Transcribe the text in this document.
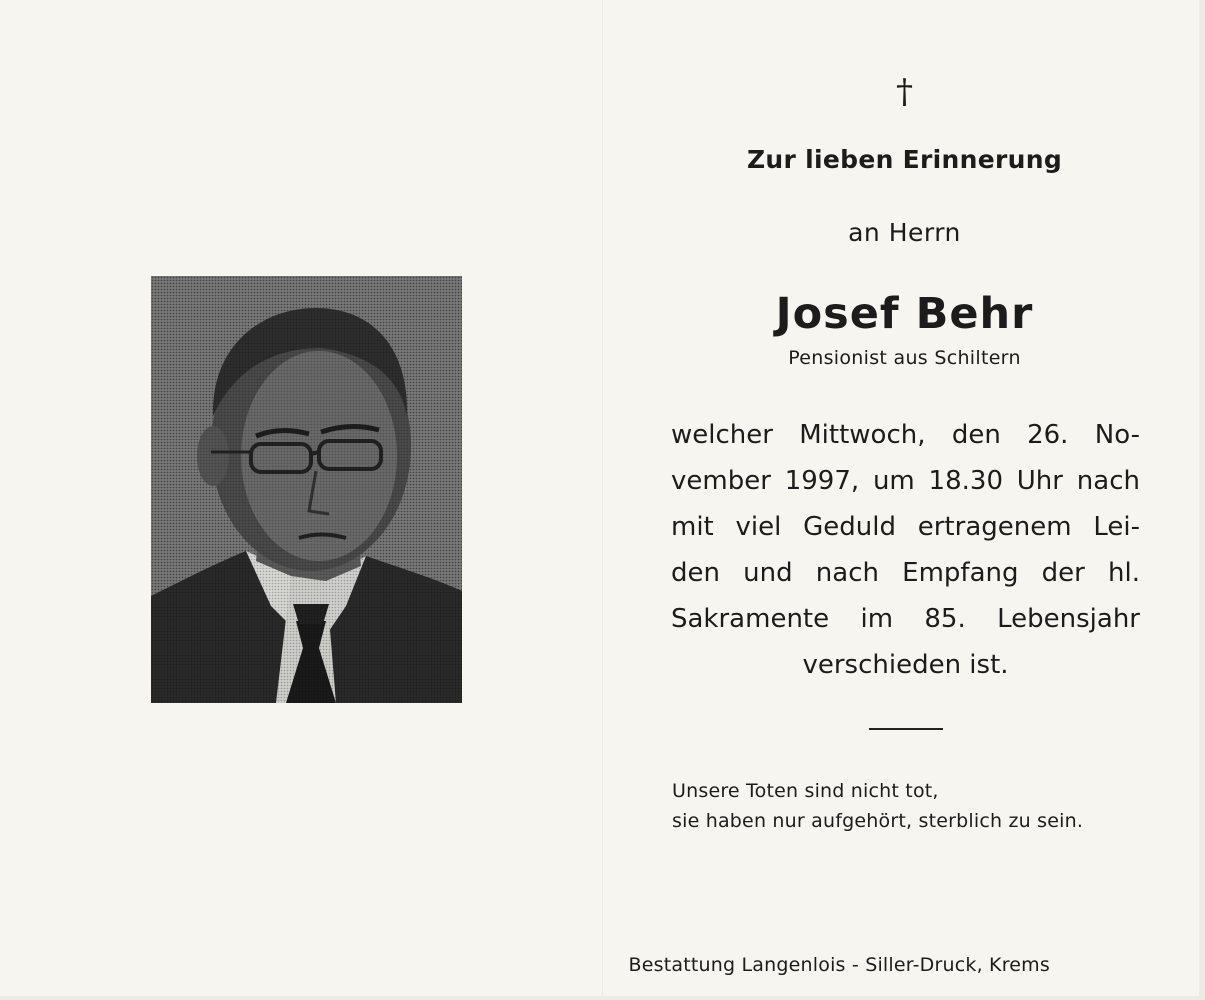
†
Zur lieben Erinnerung
an Herrn
Josef Behr
Pensionist aus Schiltern
welcher Mittwoch, den 26. No-
vember 1997, um 18.30 Uhr nach
mit viel Geduld ertragenem Lei-
den und nach Empfang der hl.
Sakramente im 85. Lebensjahr
verschieden ist.
Unsere Toten sind nicht tot,
sie haben nur aufgehört, sterblich zu sein.
Bestattung Langenlois - Siller-Druck, Krems
